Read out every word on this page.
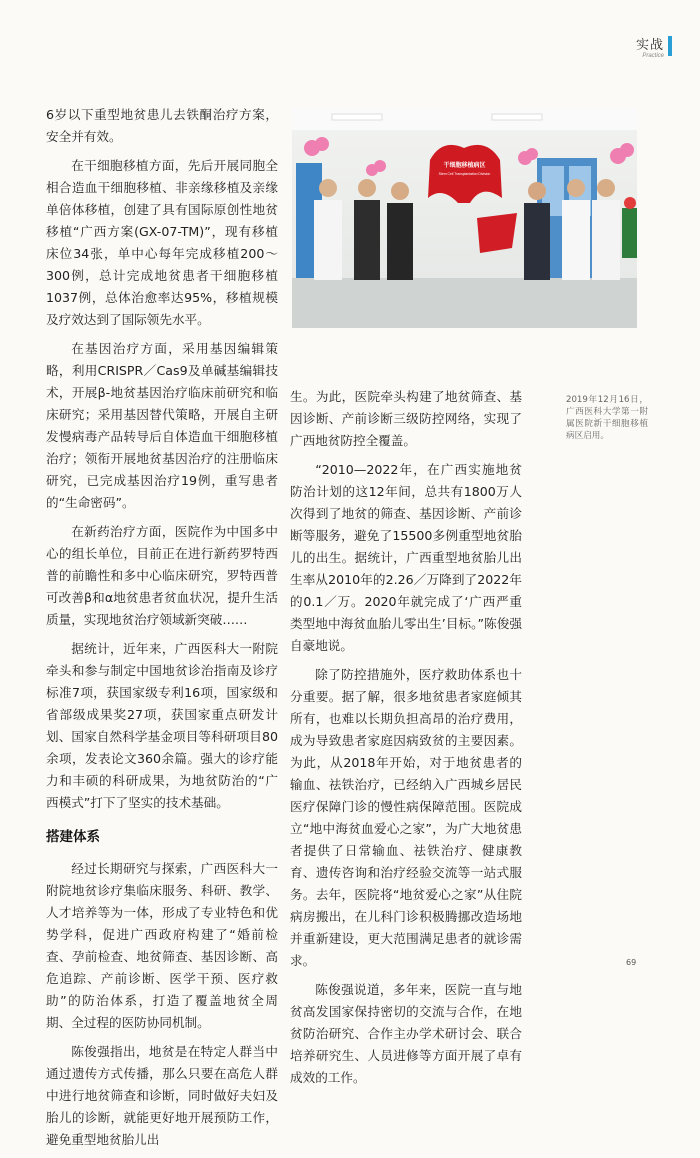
实战
Practice

6岁以下重型地贫患儿去铁酮治疗方案，安全并有效。

在干细胞移植方面，先后开展同胞全相合造血干细胞移植、非亲缘移植及亲缘单倍体移植，创建了具有国际原创性地贫移植“广西方案(GX-07-TM)”，现有移植床位34张，单中心每年完成移植200～300例，总计完成地贫患者干细胞移植1037例，总体治愈率达95%，移植规模及疗效达到了国际领先水平。

在基因治疗方面，采用基因编辑策略，利用CRISPR／Cas9及单碱基编辑技术，开展β-地贫基因治疗临床前研究和临床研究；采用基因替代策略，开展自主研发慢病毒产品转导后自体造血干细胞移植治疗；领衔开展地贫基因治疗的注册临床研究，已完成基因治疗19例，重写患者的“生命密码”。

在新药治疗方面，医院作为中国多中心的组长单位，目前正在进行新药罗特西普的前瞻性和多中心临床研究，罗特西普可改善β和α地贫患者贫血状况，提升生活质量，实现地贫治疗领域新突破……

据统计，近年来，广西医科大一附院牵头和参与制定中国地贫诊治指南及诊疗标准7项，获国家级专利16项，国家级和省部级成果奖27项，获国家重点研发计划、国家自然科学基金项目等科研项目80余项，发表论文360余篇。强大的诊疗能力和丰硕的科研成果，为地贫防治的“广西模式”打下了坚实的技术基础。

搭建体系

经过长期研究与探索，广西医科大一附院地贫诊疗集临床服务、科研、教学、人才培养等为一体，形成了专业特色和优势学科，促进广西政府构建了“婚前检查、孕前检查、地贫筛查、基因诊断、高危追踪、产前诊断、医学干预、医疗救助”的防治体系，打造了覆盖地贫全周期、全过程的医防协同机制。

陈俊强指出，地贫是在特定人群当中通过遗传方式传播，那么只要在高危人群中进行地贫筛查和诊断，同时做好夫妇及胎儿的诊断，就能更好地开展预防工作，避免重型地贫胎儿出

干细胞移植病区
Stem Cell Transplantation Division
2019年12月16日，广西医科大学第一附属医院新干细胞移植病区启用。

生。为此，医院牵头构建了地贫筛查、基因诊断、产前诊断三级防控网络，实现了广西地贫防控全覆盖。

“2010—2022年，在广西实施地贫防治计划的这12年间，总共有1800万人次得到了地贫的筛查、基因诊断、产前诊断等服务，避免了15500多例重型地贫胎儿的出生。据统计，广西重型地贫胎儿出生率从2010年的2.26／万降到了2022年的0.1／万。2020年就完成了‘广西严重类型地中海贫血胎儿零出生’目标。”陈俊强自豪地说。

除了防控措施外，医疗救助体系也十分重要。据了解，很多地贫患者家庭倾其所有，也难以长期负担高昂的治疗费用，成为导致患者家庭因病致贫的主要因素。为此，从2018年开始，对于地贫患者的输血、祛铁治疗，已经纳入广西城乡居民医疗保障门诊的慢性病保障范围。医院成立“地中海贫血爱心之家”，为广大地贫患者提供了日常输血、祛铁治疗、健康教育、遗传咨询和治疗经验交流等一站式服务。去年，医院将“地贫爱心之家”从住院病房搬出，在儿科门诊积极腾挪改造场地并重新建设，更大范围满足患者的就诊需求。

陈俊强说道，多年来，医院一直与地贫高发国家保持密切的交流与合作，在地贫防治研究、合作主办学术研讨会、联合培养研究生、人员进修等方面开展了卓有成效的工作。

69
